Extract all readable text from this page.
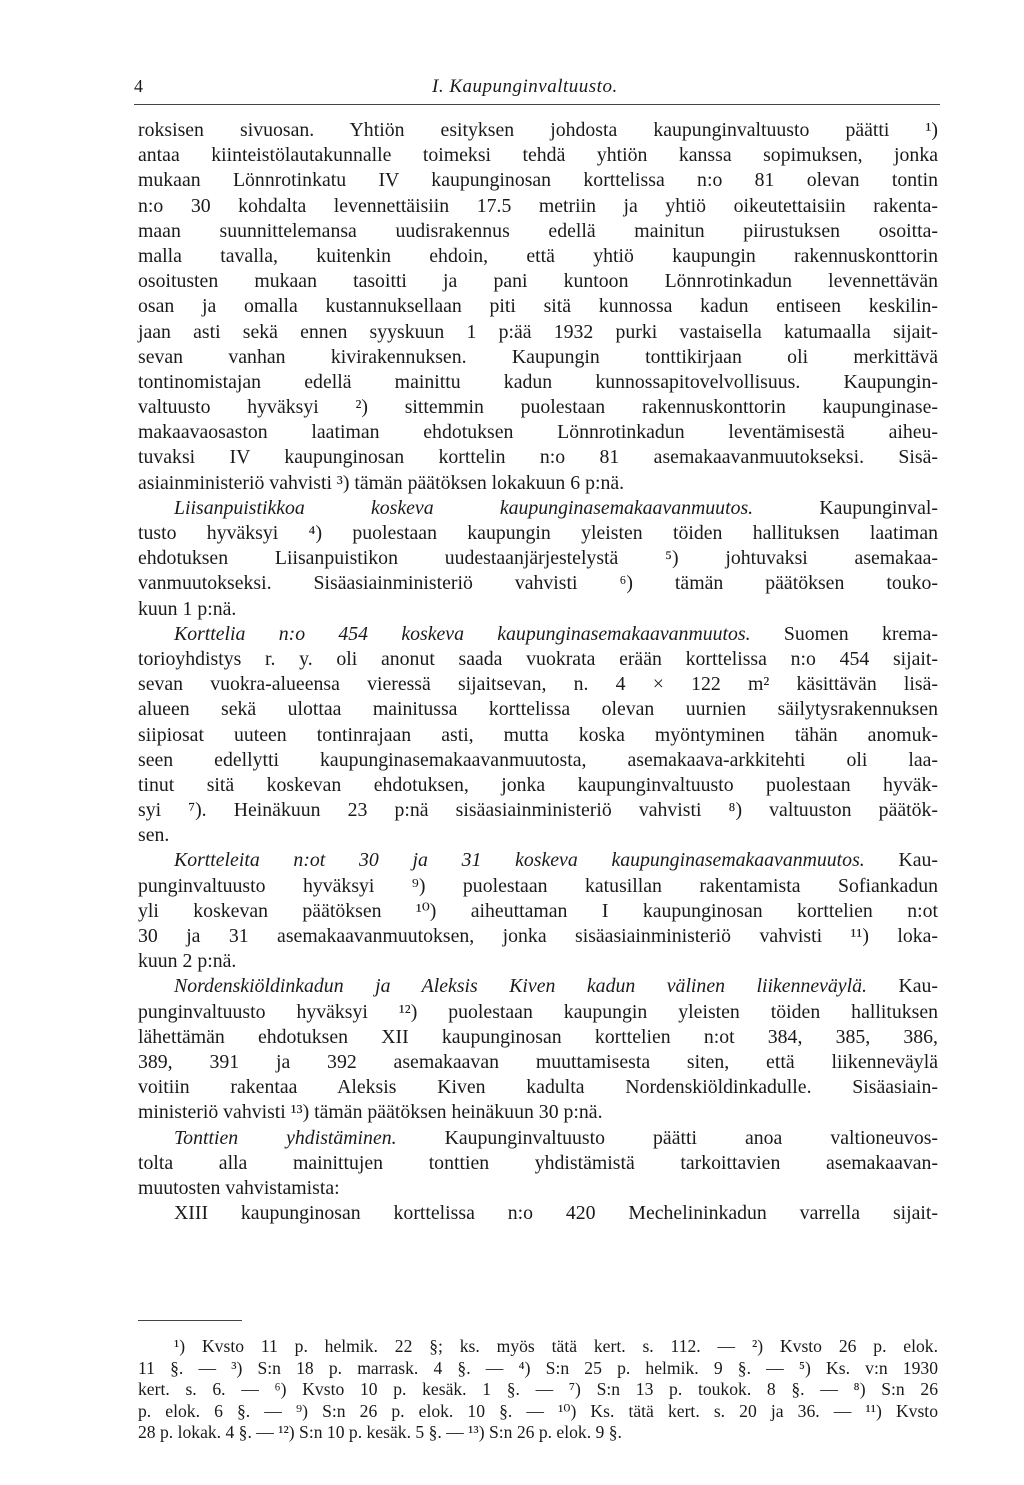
4	I. Kaupunginvaltuusto.
roksisen sivuosan. Yhtiön esityksen johdosta kaupunginvaltuusto päätti ¹)
antaa kiinteistölautakunnalle toimeksi tehdä yhtiön kanssa sopimuksen, jonka
mukaan Lönnrotinkatu IV kaupunginosan korttelissa n:o 81 olevan tontin
n:o 30 kohdalta levennettäisiin 17.5 metriin ja yhtiö oikeutettaisiin rakenta-
maan suunnittelemansa uudisrakennus edellä mainitun piirustuksen osoitta-
malla tavalla, kuitenkin ehdoin, että yhtiö kaupungin rakennuskonttorin
osoitusten mukaan tasoitti ja pani kuntoon Lönnrotinkadun levennettävän
osan ja omalla kustannuksellaan piti sitä kunnossa kadun entiseen keskilin-
jaan asti sekä ennen syyskuun 1 p:ää 1932 purki vastaisella katumaalla sijait-
sevan vanhan kivirakennuksen. Kaupungin tonttikirjaan oli merkittävä
tontinomistajan edellä mainittu kadun kunnossapitovelvollisuus. Kaupungin-
valtuusto hyväksyi ²) sittemmin puolestaan rakennuskonttorin kaupunginase-
makaavaosaston laatiman ehdotuksen Lönnrotinkadun leventämisestä aiheu-
tuvaksi IV kaupunginosan korttelin n:o 81 asemakaavanmuutokseksi. Sisä-
asiainministeriö vahvisti ³) tämän päätöksen lokakuun 6 p:nä.
Liisanpuistikkoa koskeva kaupunginasemakaavanmuutos. Kaupunginval-
tusto hyväksyi ⁴) puolestaan kaupungin yleisten töiden hallituksen laatiman
ehdotuksen Liisanpuistikon uudestaanjärjestelystä ⁵) johtuvaksi asemakaa-
vanmuutokseksi. Sisäasiainministeriö vahvisti ⁶) tämän päätöksen touko-
kuun 1 p:nä.
Korttelia n:o 454 koskeva kaupunginasemakaavanmuutos. Suomen krema-
torioyhdistys r. y. oli anonut saada vuokrata erään korttelissa n:o 454 sijait-
sevan vuokra-alueensa vieressä sijaitsevan, n. 4 × 122 m² käsittävän lisä-
alueen sekä ulottaa mainitussa korttelissa olevan uurnien säilytysrakennuksen
siipiosat uuteen tontinrajaan asti, mutta koska myöntyminen tähän anomuk-
seen edellytti kaupunginasemakaavanmuutosta, asemakaava-arkkitehti oli laa-
tinut sitä koskevan ehdotuksen, jonka kaupunginvaltuusto puolestaan hyväk-
syi ⁷). Heinäkuun 23 p:nä sisäasiainministeriö vahvisti ⁸) valtuuston päätök-
sen.
Kortteleita n:ot 30 ja 31 koskeva kaupunginasemakaavanmuutos. Kau-
punginvaltuusto hyväksyi ⁹) puolestaan katusillan rakentamista Sofiankadun
yli koskevan päätöksen ¹⁰) aiheuttaman I kaupunginosan korttelien n:ot
30 ja 31 asemakaavanmuutoksen, jonka sisäasiainministeriö vahvisti ¹¹) loka-
kuun 2 p:nä.
Nordenskiöldinkadun ja Aleksis Kiven kadun välinen liikenneväylä. Kau-
punginvaltuusto hyväksyi ¹²) puolestaan kaupungin yleisten töiden hallituksen
lähettämän ehdotuksen XII kaupunginosan korttelien n:ot 384, 385, 386,
389, 391 ja 392 asemakaavan muuttamisesta siten, että liikenneväylä
voitiin rakentaa Aleksis Kiven kadulta Nordenskiöldinkadulle. Sisäasiain-
ministeriö vahvisti ¹³) tämän päätöksen heinäkuun 30 p:nä.
Tonttien yhdistäminen. Kaupunginvaltuusto päätti anoa valtioneuvos-
tolta alla mainittujen tonttien yhdistämistä tarkoittavien asemakaavan-
muutosten vahvistamista:
XIII kaupunginosan korttelissa n:o 420 Mechelininkadun varrella sijait-
¹) Kvsto 11 p. helmik. 22 §; ks. myös tätä kert. s. 112. — ²) Kvsto 26 p. elok.
11 §. — ³) S:n 18 p. marrask. 4 §. — ⁴) S:n 25 p. helmik. 9 §. — ⁵) Ks. v:n 1930
kert. s. 6. — ⁶) Kvsto 10 p. kesäk. 1 §. — ⁷) S:n 13 p. toukok. 8 §. — ⁸) S:n 26
p. elok. 6 §. — ⁹) S:n 26 p. elok. 10 §. — ¹⁰) Ks. tätä kert. s. 20 ja 36. — ¹¹) Kvsto
28 p. lokak. 4 §. — ¹²) S:n 10 p. kesäk. 5 §. — ¹³) S:n 26 p. elok. 9 §.
